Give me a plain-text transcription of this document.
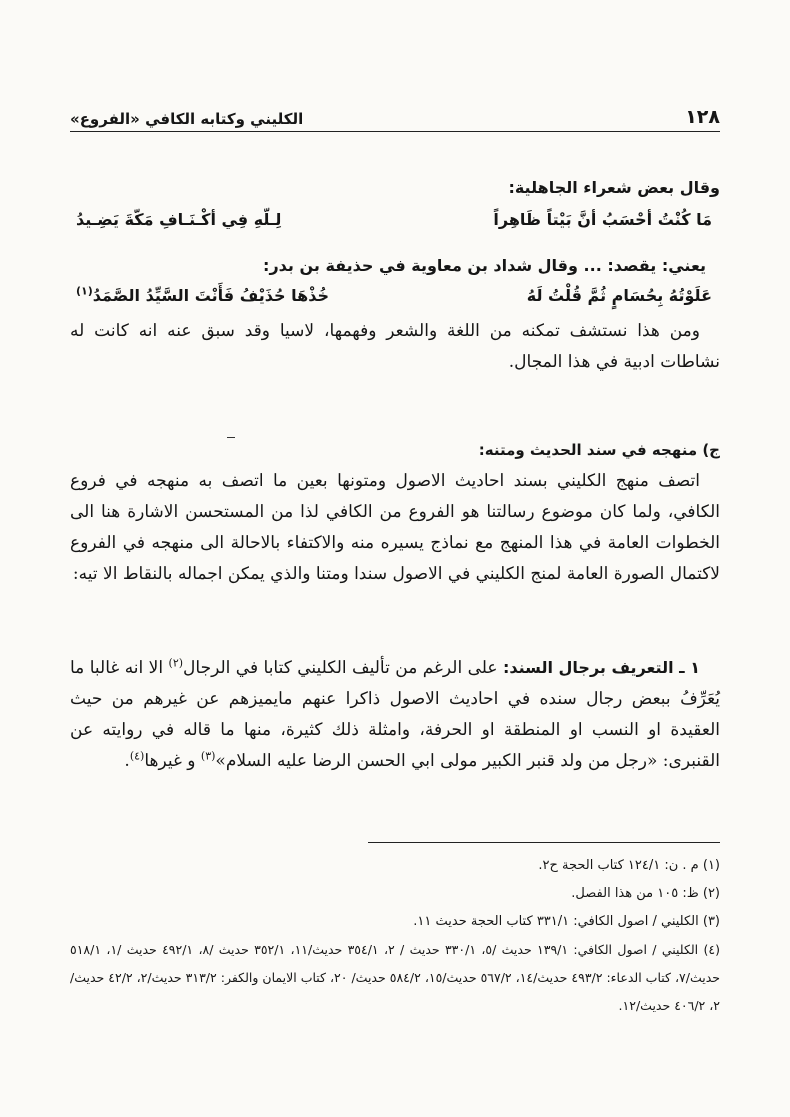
١٢٨
الكليني وكتابه الكافي «الفروع»

وقال بعض شعراء الجاهلية:

مَا كُنْتُ أحْسَبُ أنَّ بَيْتاً ظَاهِراً
لِـلّهِ فِي أكْـنَـافِ مَكّةَ يَضِـيدُ

يعني: يقصد: ... وقال شداد بن معاوية في حذيفة بن بدر:

عَلَوْتُهُ بِحُسَامٍ ثُمَّ قُلْتُ لَهُ
خُذْهَا حُذَيْفُ فَأَنْتَ السَّيِّدُ الصَّمَدُ$^{(١)}$

ومن هذا نستشف تمكنه من اللغة والشعر وفهمها، لاسيا وقد سبق عنه انه كانت له نشاطات ادبية في هذا المجال.

ج) منهجه في سند الحديث ومتنه:

اتصف منهج الكليني بسند احاديث الاصول ومتونها بعين ما اتصف به منهجه في فروع الكافي، ولما كان موضوع رسالتنا هو الفروع من الكافي لذا من المستحسن الاشارة هنا الى الخطوات العامة في هذا المنهج مع نماذج يسيره منه والاكتفاء بالاحالة الى منهجه في الفروع لاكتمال الصورة العامة لمنج الكليني في الاصول سندا ومتنا والذي يمكن اجماله بالنقاط الا تيه:

١ ـ التعريف برجال السند: على الرغم من تأليف الكليني كتابا في الرجال$^{(٢)}$ الا انه غالبا ما يُعَرِّفُ ببعض رجال سنده في احاديث الاصول ذاكرا عنهم مايميزهم عن غيرهم من حيث العقيدة او النسب او المنطقة او الحرفة، وامثلة ذلك كثيرة، منها ما قاله في روايته عن القنبرى: «رجل من ولد قنبر الكبير مولى ابي الحسن الرضا عليه السلام»$^{(٣)}$ و غيرها$^{(٤)}$.

(١) م . ن: ١٢٤/١ كتاب الحجة ح٢.

(٢) ظ: ١٠٥ من هذا الفصل.

(٣) الكليني / اصول الكافي: ٣٣١/١ كتاب الحجة حديث ١١.

(٤) الكليني / اصول الكافي: ١٣٩/١ حديث /٥، ٣٣٠/١ حديث / ٢، ٣٥٤/١ حديث/١١، ٣٥٢/١ حديث /٨، ٤٩٢/١ حديث /١، ٥١٨/١ حديث/٧، كتاب الدعاء: ٤٩٣/٢ حديث/١٤، ٥٦٧/٢ حديث/١٥، ٥٨٤/٢ حديث/ ٢٠، كتاب الايمان والكفر: ٣١٣/٢ حديث/٢، ٤٢/٢ حديث/٢، ٤٠٦/٢ حديث/١٢.
